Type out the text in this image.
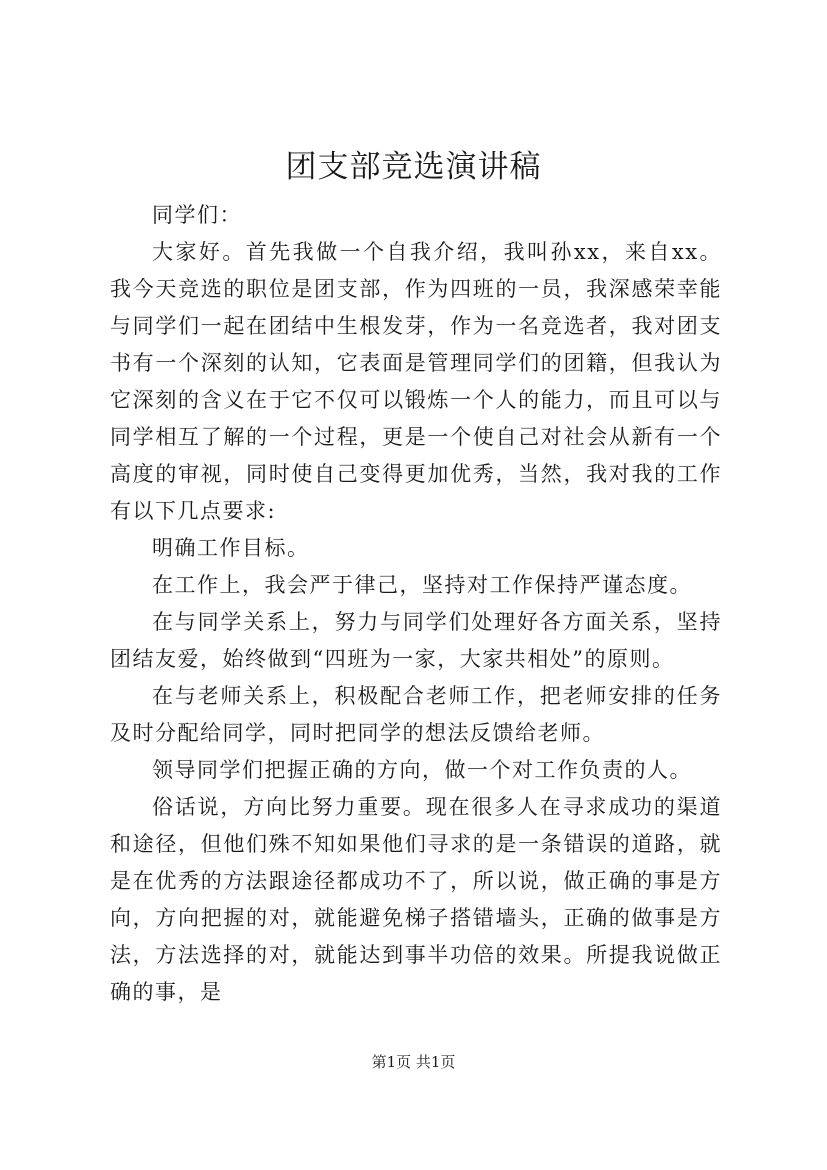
团支部竞选演讲稿

同学们：

大家好。首先我做一个自我介绍，我叫孙xx，来自xx。我今天竞选的职位是团支部，作为四班的一员，我深感荣幸能与同学们一起在团结中生根发芽，作为一名竞选者，我对团支书有一个深刻的认知，它表面是管理同学们的团籍，但我认为它深刻的含义在于它不仅可以锻炼一个人的能力，而且可以与同学相互了解的一个过程，更是一个使自己对社会从新有一个高度的审视，同时使自己变得更加优秀，当然，我对我的工作有以下几点要求:

明确工作目标。

在工作上，我会严于律己，坚持对工作保持严谨态度。

在与同学关系上，努力与同学们处理好各方面关系，坚持团结友爱，始终做到“四班为一家，大家共相处”的原则。

在与老师关系上，积极配合老师工作，把老师安排的任务及时分配给同学，同时把同学的想法反馈给老师。

领导同学们把握正确的方向，做一个对工作负责的人。

俗话说，方向比努力重要。现在很多人在寻求成功的渠道和途径，但他们殊不知如果他们寻求的是一条错误的道路，就是在优秀的方法跟途径都成功不了，所以说，做正确的事是方向，方向把握的对，就能避免梯子搭错墙头，正确的做事是方法，方法选择的对，就能达到事半功倍的效果。所提我说做正确的事，是

第1页 共1页
